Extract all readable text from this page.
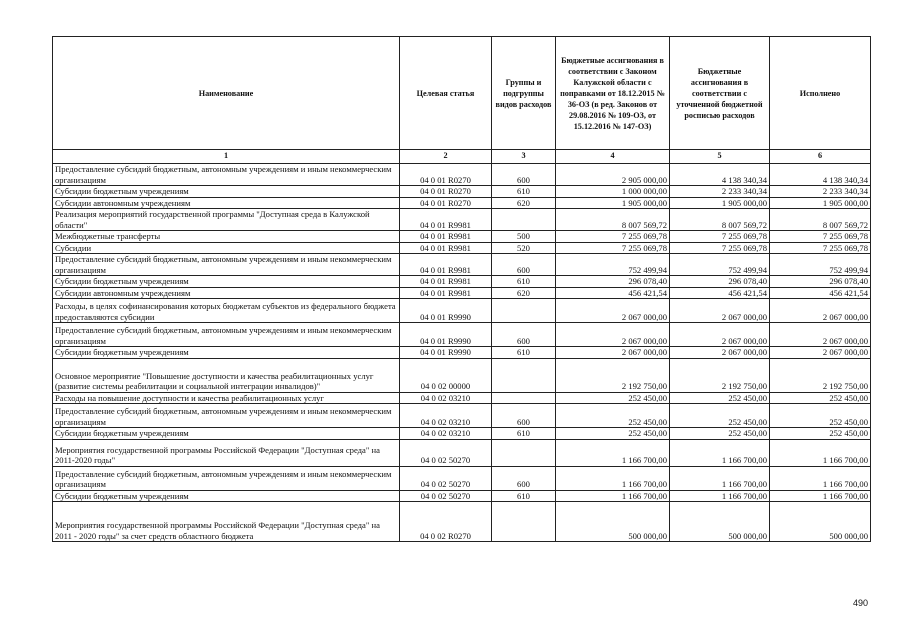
Наименование	Целевая статья	Группы и подгруппы видов расходов	Бюджетные ассигнования в соответствии с Законом Калужской области с поправками от 18.12.2015 № 36-ОЗ (в ред. Законов от 29.08.2016 № 109-ОЗ, от 15.12.2016 № 147-ОЗ)	Бюджетные ассигнования в соответствии с уточненной бюджетной росписью расходов	Исполнено
1	2	3	4	5	6
Предоставление субсидий бюджетным, автономным учреждениям и иным некоммерческим организациям	04 0 01 R0270	600	2 905 000,00	4 138 340,34	4 138 340,34
Субсидии бюджетным учреждениям	04 0 01 R0270	610	1 000 000,00	2 233 340,34	2 233 340,34
Субсидии автономным учреждениям	04 0 01 R0270	620	1 905 000,00	1 905 000,00	1 905 000,00
Реализация мероприятий государственной программы "Доступная среда в Калужской области"	04 0 01 R9981		8 007 569,72	8 007 569,72	8 007 569,72
Межбюджетные трансферты	04 0 01 R9981	500	7 255 069,78	7 255 069,78	7 255 069,78
Субсидии	04 0 01 R9981	520	7 255 069,78	7 255 069,78	7 255 069,78
Предоставление субсидий бюджетным, автономным учреждениям и иным некоммерческим организациям	04 0 01 R9981	600	752 499,94	752 499,94	752 499,94
Субсидии бюджетным учреждениям	04 0 01 R9981	610	296 078,40	296 078,40	296 078,40
Субсидии автономным учреждениям	04 0 01 R9981	620	456 421,54	456 421,54	456 421,54
Расходы, в целях софинансирования которых бюджетам субъектов из федерального бюджета предоставляются субсидии	04 0 01 R9990		2 067 000,00	2 067 000,00	2 067 000,00
Предоставление субсидий бюджетным, автономным учреждениям и иным некоммерческим организациям	04 0 01 R9990	600	2 067 000,00	2 067 000,00	2 067 000,00
Субсидии бюджетным учреждениям	04 0 01 R9990	610	2 067 000,00	2 067 000,00	2 067 000,00
Основное мероприятие "Повышение доступности и качества реабилитационных услуг (развитие системы реабилитации и социальной интеграции инвалидов)"	04 0 02 00000		2 192 750,00	2 192 750,00	2 192 750,00
Расходы на повышение доступности и качества реабилитационных услуг	04 0 02 03210		252 450,00	252 450,00	252 450,00
Предоставление субсидий бюджетным, автономным учреждениям и иным некоммерческим организациям	04 0 02 03210	600	252 450,00	252 450,00	252 450,00
Субсидии бюджетным учреждениям	04 0 02 03210	610	252 450,00	252 450,00	252 450,00
Мероприятия государственной программы Российской Федерации "Доступная среда" на 2011-2020 годы"	04 0 02 50270		1 166 700,00	1 166 700,00	1 166 700,00
Предоставление субсидий бюджетным, автономным учреждениям и иным некоммерческим организациям	04 0 02 50270	600	1 166 700,00	1 166 700,00	1 166 700,00
Субсидии бюджетным учреждениям	04 0 02 50270	610	1 166 700,00	1 166 700,00	1 166 700,00
Мероприятия государственной программы Российской Федерации "Доступная среда" на 2011 - 2020 годы" за счет средств областного бюджета	04 0 02 R0270		500 000,00	500 000,00	500 000,00
490
